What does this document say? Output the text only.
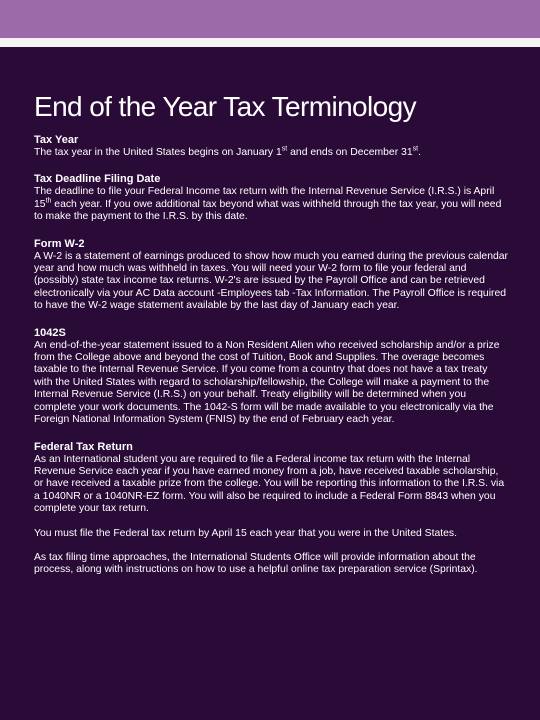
End of the Year Tax Terminology

Tax Year

The tax year in the United States begins on January 1st and ends on December 31st.

Tax Deadline Filing Date

The deadline to file your Federal Income tax return with the Internal Revenue Service (I.R.S.) is April 15th each year. If you owe additional tax beyond what was withheld through the tax year, you will need to make the payment to the I.R.S. by this date.

Form W-2

A W-2 is a statement of earnings produced to show how much you earned during the previous calendar year and how much was withheld in taxes. You will need your W-2 form to file your federal and (possibly) state tax income tax returns. W-2's are issued by the Payroll Office and can be retrieved electronically via your AC Data account -Employees tab -Tax Information. The Payroll Office is required to have the W-2 wage statement available by the last day of January each year.

1042S

An end-of-the-year statement issued to a Non Resident Alien who received scholarship and/or a prize from the College above and beyond the cost of Tuition, Book and Supplies. The overage becomes taxable to the Internal Revenue Service. If you come from a country that does not have a tax treaty with the United States with regard to scholarship/fellowship, the College will make a payment to the Internal Revenue Service (I.R.S.) on your behalf. Treaty eligibility will be determined when you complete your work documents. The 1042-S form will be made available to you electronically via the Foreign National Information System (FNIS) by the end of February each year.

Federal Tax Return

As an International student you are required to file a Federal income tax return with the Internal Revenue Service each year if you have earned money from a job, have received taxable scholarship, or have received a taxable prize from the college. You will be reporting this information to the I.R.S. via a 1040NR or a 1040NR-EZ form. You will also be required to include a Federal Form 8843 when you complete your tax return.

You must file the Federal tax return by April 15 each year that you were in the United States.

As tax filing time approaches, the International Students Office will provide information about the process, along with instructions on how to use a helpful online tax preparation service (Sprintax).
